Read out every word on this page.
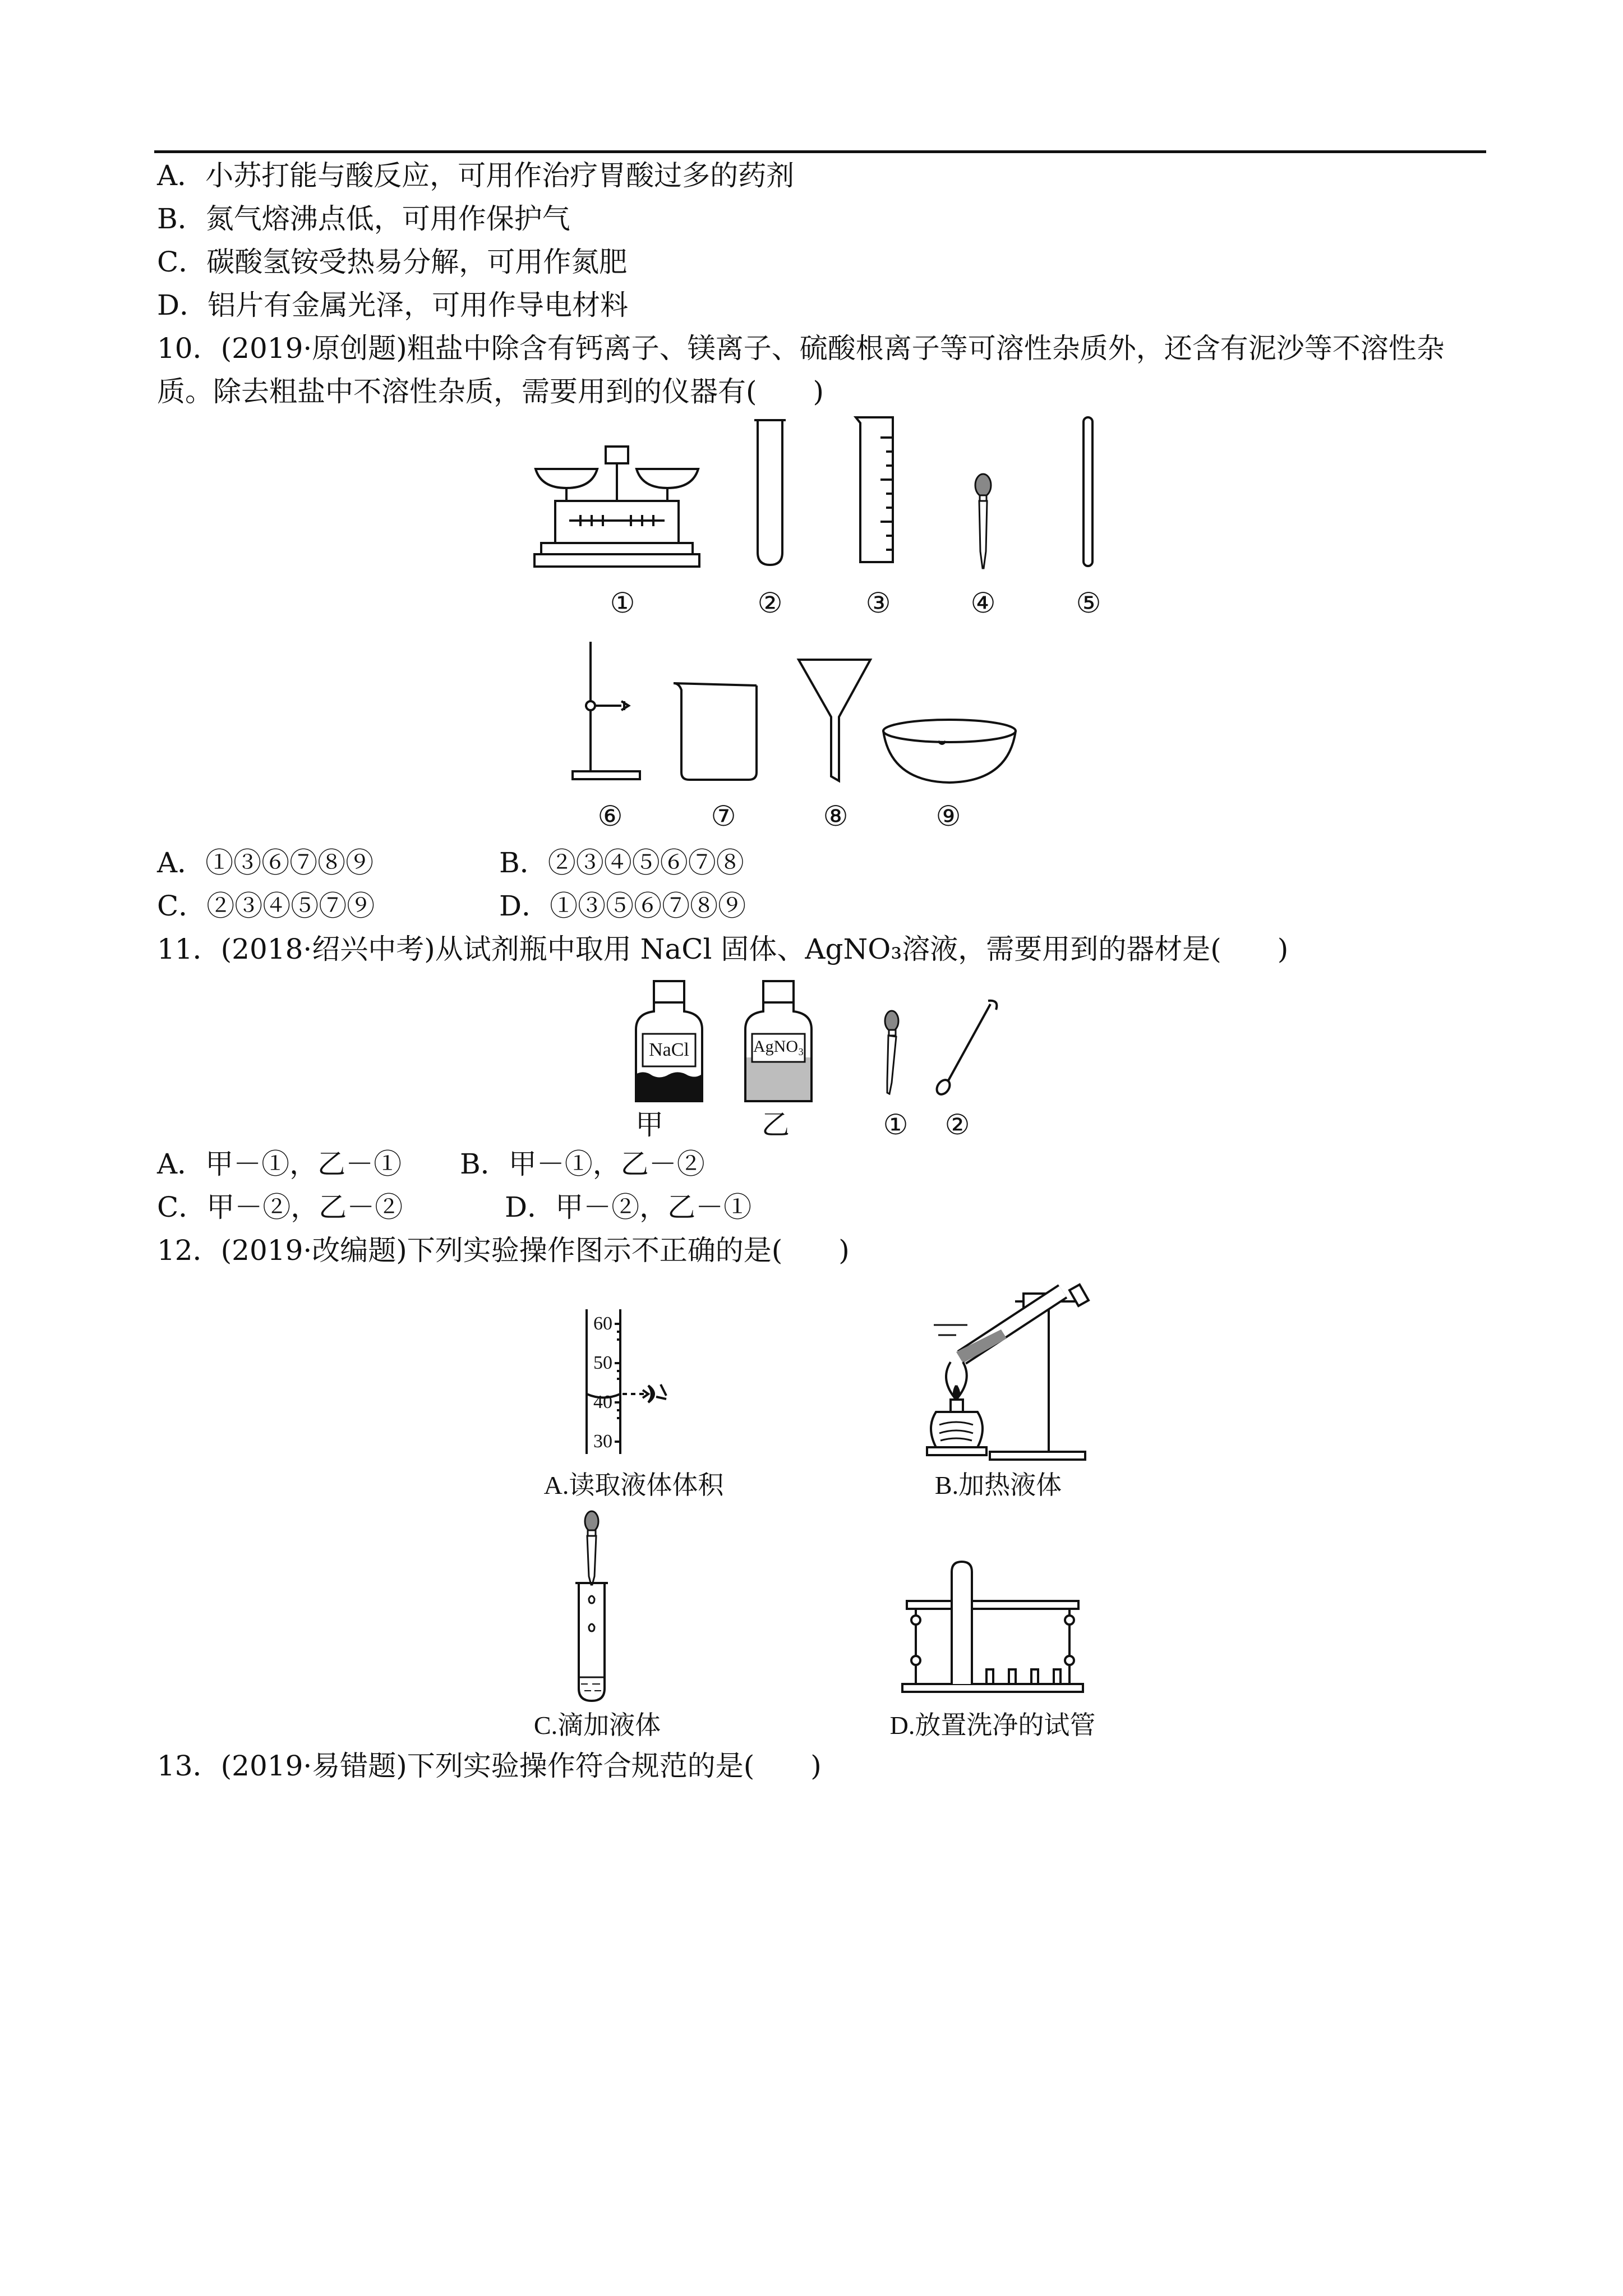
A．小苏打能与酸反应，可用作治疗胃酸过多的药剂
B．氮气熔沸点低，可用作保护气
C．碳酸氢铵受热易分解，可用作氮肥
D．铝片有金属光泽，可用作导电材料
10．(2019·原创题)粗盐中除含有钙离子、镁离子、硫酸根离子等可溶性杂质外，还含有泥沙等不溶性杂
质。除去粗盐中不溶性杂质，需要用到的仪器有(　　)
①	②	③	④	⑤
⑥	⑦	⑧	⑨
A．①③⑥⑦⑧⑨	B．②③④⑤⑥⑦⑧
C．②③④⑤⑦⑨	D．①③⑤⑥⑦⑧⑨
11．(2018·绍兴中考)从试剂瓶中取用 NaCl 固体、AgNO₃溶液，需要用到的器材是(　　)
NaCl	AgNO₃
甲	乙	① ②
A．甲－①，乙－① B．甲－①，乙－②
C．甲－②，乙－②	D．甲－②，乙－①
12．(2019·改编题)下列实验操作图示不正确的是(　　)
60
50
40
30
A.读取液体体积	B.加热液体
C.滴加液体	D.放置洗净的试管
13．(2019·易错题)下列实验操作符合规范的是(　　)
